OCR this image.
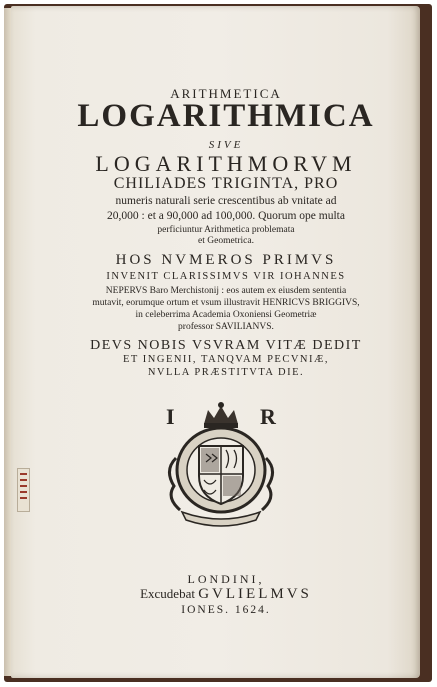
ARITHMETICA
LOGARITHMICA
SIVE
LOGARITHMORVM
CHILIADES TRIGINTA, PRO
numeris naturali serie crescentibus ab vnitate ad
20,000 : et a 90,000 ad 100,000. Quorum ope multa
perficiuntur Arithmetica problemata
et Geometrica.
HOS NVMEROS PRIMVS
INVENIT CLARISSIMVS VIR IOHANNES
NEPERVS Baro Merchistonij : eos autem ex eiusdem sententia
mutavit, eorumque ortum et vsum illustravit HENRICVS BRIGGIVS,
in celeberrima Academia Oxoniensi Geometriæ
professor SAVILIANVS.
DEVS NOBIS VSVRAM VITÆ DEDIT
ET INGENII, TANQVAM PECVNIÆ,
NVLLA PRÆSTITVTA DIE.
I	R
LONDINI,
Excudebat GVLIELMVS
IONES. 1624.
